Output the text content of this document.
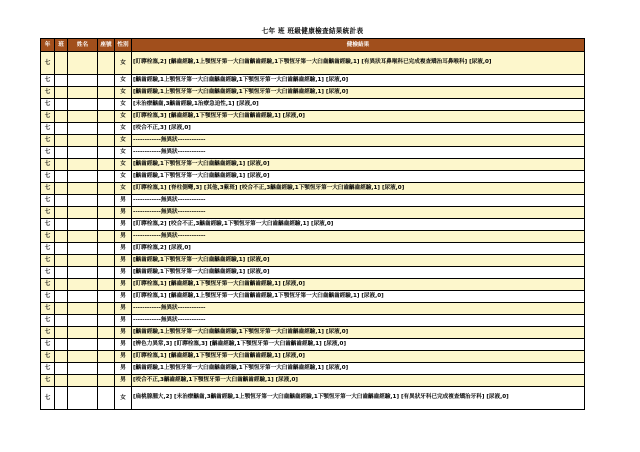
七年 班 班級健康檢查結果統計表
年	班	姓名	座號	性別	健檢結果
七				女	[盯聹栓塞,2] [齲齒經驗,1上顎恆牙第一大臼齒齲齒經驗,1下顎恆牙第一大臼齒齲齒經驗,1] [有異狀耳鼻喉科已完成複查矯治耳鼻喉科] [尿液,0]
七				女	[齲齒經驗,1上顎恆牙第一大臼齒齲齒經驗,1下顎恆牙第一大臼齒齲齒經驗,1] [尿液,0]
七				女	[齲齒經驗,1上顎恆牙第一大臼齒齲齒經驗,1下顎恆牙第一大臼齒齲齒經驗,1] [尿液,0]
七				女	[未治療齲齒,3齲齒經驗,1治療急迫性,1] [尿液,0]
七				女	[盯聹栓塞,3] [齲齒經驗,1下顎恆牙第一大臼齒齲齒經驗,1] [尿液,0]
七				女	[咬合不正,3] [尿液,0]
七				女	------------無異狀------------
七				女	------------無異狀------------
七				女	[齲齒經驗,1下顎恆牙第一大臼齒齲齒經驗,1] [尿液,0]
七				女	[齲齒經驗,1下顎恆牙第一大臼齒齲齒經驗,1] [尿液,0]
七				女	[盯聹栓塞,1] [脊柱側彎,3] [其他,3紫斑] [咬合不正,3齲齒經驗,1下顎恆牙第一大臼齒齲齒經驗,1] [尿液,0]
七				男	------------無異狀------------
七				男	------------無異狀------------
七				男	[盯聹栓塞,2] [咬合不正,3齲齒經驗,1下顎恆牙第一大臼齒齲齒經驗,1] [尿液,0]
七				男	------------無異狀------------
七				男	[盯聹栓塞,2] [尿液,0]
七				男	[齲齒經驗,1下顎恆牙第一大臼齒齲齒經驗,1] [尿液,0]
七				男	[齲齒經驗,1下顎恆牙第一大臼齒齲齒經驗,1] [尿液,0]
七				男	[盯聹栓塞,1] [齲齒經驗,1下顎恆牙第一大臼齒齲齒經驗,1] [尿液,0]
七				男	[盯聹栓塞,1] [齲齒經驗,1上顎恆牙第一大臼齒齲齒經驗,1下顎恆牙第一大臼齒齲齒經驗,1] [尿液,0]
七				男	------------無異狀------------
七				男	------------無異狀------------
七				男	[齲齒經驗,1上顎恆牙第一大臼齒齲齒經驗,1下顎恆牙第一大臼齒齲齒經驗,1] [尿液,0]
七				男	[辨色力異常,3] [盯聹栓塞,3] [齲齒經驗,1下顎恆牙第一大臼齒齲齒經驗,1] [尿液,0]
七				男	[盯聹栓塞,1] [齲齒經驗,1下顎恆牙第一大臼齒齲齒經驗,1] [尿液,0]
七				男	[齲齒經驗,1上顎恆牙第一大臼齒齲齒經驗,1下顎恆牙第一大臼齒齲齒經驗,1] [尿液,0]
七				男	[咬合不正,3齲齒經驗,1下顎恆牙第一大臼齒齲齒經驗,1] [尿液,0]
七				女	[扁桃腺腫大,2] [未治療齲齒,3齲齒經驗,1上顎恆牙第一大臼齒齲齒經驗,1下顎恆牙第一大臼齒齲齒經驗,1] [有異狀牙科已完成複查矯治牙科] [尿液,0]
